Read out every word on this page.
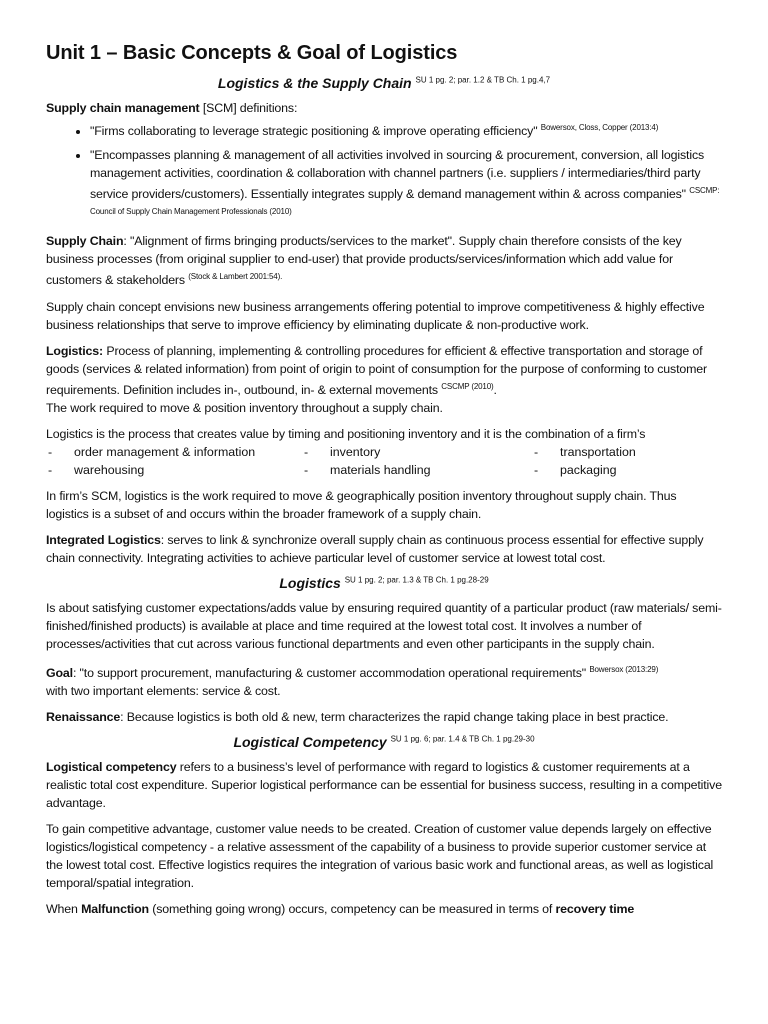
Unit 1 – Basic Concepts & Goal of Logistics
Logistics & the Supply Chain $^{SU 1 pg. 2; par. 1.2 \& TB Ch. 1 pg.4,7}$

Supply chain management [SCM] definitions:

• "Firms collaborating to leverage strategic positioning & improve operating efficiency" $^{Bowersox, Closs, Copper (2013:4)}$
• "Encompasses planning & management of all activities involved in sourcing & procurement, conversion, all logistics management activities, coordination & collaboration with channel partners (i.e. suppliers / intermediaries/third party service providers/customers). Essentially integrates supply & demand management within & across companies" $^{CSCMP: Council of Supply Chain Management Professionals (2010)}$

Supply Chain: "Alignment of firms bringing products/services to the market". Supply chain therefore consists of the key business processes (from original supplier to end-user) that provide products/services/information which add value for customers & stakeholders $^{(Stock \& Lambert 2001:54).}$

Supply chain concept envisions new business arrangements offering potential to improve competitiveness & highly effective business relationships that serve to improve efficiency by eliminating duplicate & non-productive work.

Logistics: Process of planning, implementing & controlling procedures for efficient & effective transportation and storage of goods (services & related information) from point of origin to point of consumption for the purpose of conforming to customer requirements. Definition includes in-, outbound, in- & external movements $^{CSCMP (2010)}$.
The work required to move & position inventory throughout a supply chain.

Logistics is the process that creates value by timing and positioning inventory and it is the combination of a firm’s

- order management & information	- inventory	- transportation
- warehousing	- materials handling	- packaging

In firm’s SCM, logistics is the work required to move & geographically position inventory throughout supply chain. Thus logistics is a subset of and occurs within the broader framework of a supply chain.

Integrated Logistics: serves to link & synchronize overall supply chain as continuous process essential for effective supply chain connectivity. Integrating activities to achieve particular level of customer service at lowest total cost.

Logistics $^{SU 1 pg. 2; par. 1.3 \& TB Ch. 1 pg.28-29}$

Is about satisfying customer expectations/adds value by ensuring required quantity of a particular product (raw materials/ semi-finished/finished products) is available at place and time required at the lowest total cost. It involves a number of processes/activities that cut across various functional departments and even other participants in the supply chain.

Goal: "to support procurement, manufacturing & customer accommodation operational requirements" $^{Bowersox (2013:29)}$
with two important elements: service & cost.

Renaissance: Because logistics is both old & new, term characterizes the rapid change taking place in best practice.

Logistical Competency $^{SU 1 pg. 6; par. 1.4 \& TB Ch. 1 pg.29-30}$

Logistical competency refers to a business’s level of performance with regard to logistics & customer requirements at a realistic total cost expenditure. Superior logistical performance can be essential for business success, resulting in a competitive advantage.

To gain competitive advantage, customer value needs to be created. Creation of customer value depends largely on effective logistics/logistical competency - a relative assessment of the capability of a business to provide superior customer service at the lowest total cost. Effective logistics requires the integration of various basic work and functional areas, as well as logistical temporal/spatial integration.

When Malfunction (something going wrong) occurs, competency can be measured in terms of recovery time
